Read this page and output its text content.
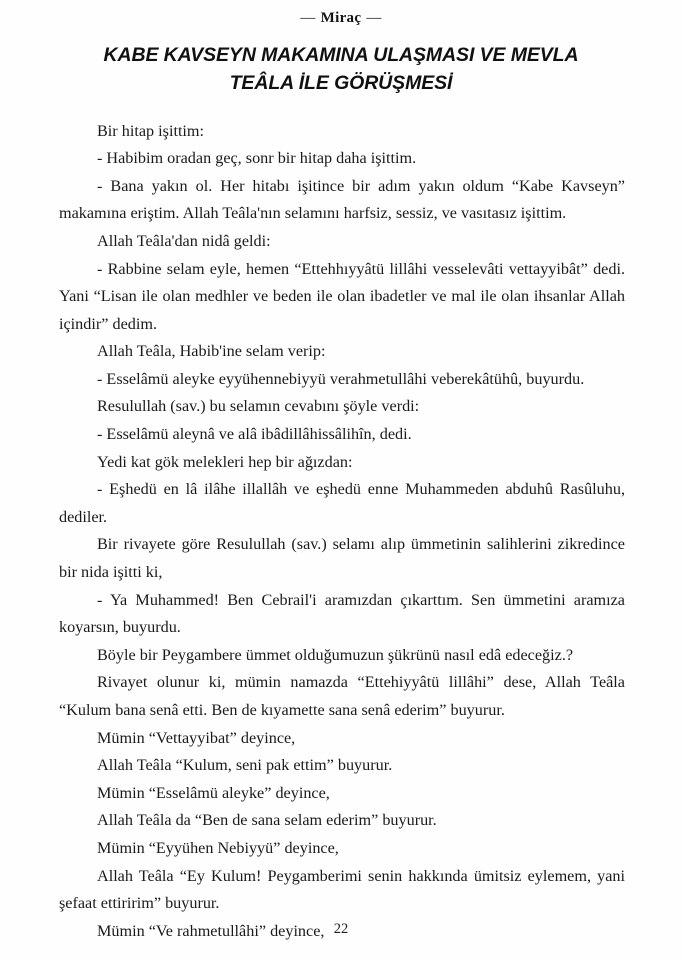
— Miraç —
KABE KAVSEYN MAKAMINA ULAŞMASI VE MEVLA TEÂLA İLE GÖRÜŞMESİ

Bir hitap işittim:

- Habibim oradan geç, sonr bir hitap daha işittim.

- Bana yakın ol. Her hitabı işitince bir adım yakın oldum “Kabe Kavseyn” makamına eriştim. Allah Teâla'nın selamını harfsiz, sessiz, ve vasıtasız işittim.

Allah Teâla'dan nidâ geldi:

- Rabbine selam eyle, hemen “Ettehhıyyâtü lillâhi vesselevâti vettayyibât” dedi. Yani “Lisan ile olan medhler ve beden ile olan ibadetler ve mal ile olan ihsanlar Allah içindir” dedim.

Allah Teâla, Habib'ine selam verip:

- Esselâmü aleyke eyyühennebiyyü verahmetullâhi veberekâtühû, buyurdu.

Resulullah (sav.) bu selamın cevabını şöyle verdi:

- Esselâmü aleynâ ve alâ ibâdillâhissâlihîn, dedi.

Yedi kat gök melekleri hep bir ağızdan:

- Eşhedü en lâ ilâhe illallâh ve eşhedü enne Muhammeden abduhû Rasûluhu, dediler.

Bir rivayete göre Resulullah (sav.) selamı alıp ümmetinin salihlerini zikredince bir nida işitti ki,

- Ya Muhammed! Ben Cebrail'i aramızdan çıkarttım. Sen ümmetini aramıza koyarsın, buyurdu.

Böyle bir Peygambere ümmet olduğumuzun şükrünü nasıl edâ edeceğiz.?

Rivayet olunur ki, mümin namazda “Ettehiyyâtü lillâhi” dese, Allah Teâla “Kulum bana senâ etti. Ben de kıyamette sana senâ ederim” buyurur.

Mümin “Vettayyibat” deyince,

Allah Teâla “Kulum, seni pak ettim” buyurur.

Mümin “Esselâmü aleyke” deyince,

Allah Teâla da “Ben de sana selam ederim” buyurur.

Mümin “Eyyühen Nebiyyü” deyince,

Allah Teâla “Ey Kulum! Peygamberimi senin hakkında ümitsiz eylemem, yani şefaat ettiririm” buyurur.

Mümin “Ve rahmetullâhi” deyince, 22
